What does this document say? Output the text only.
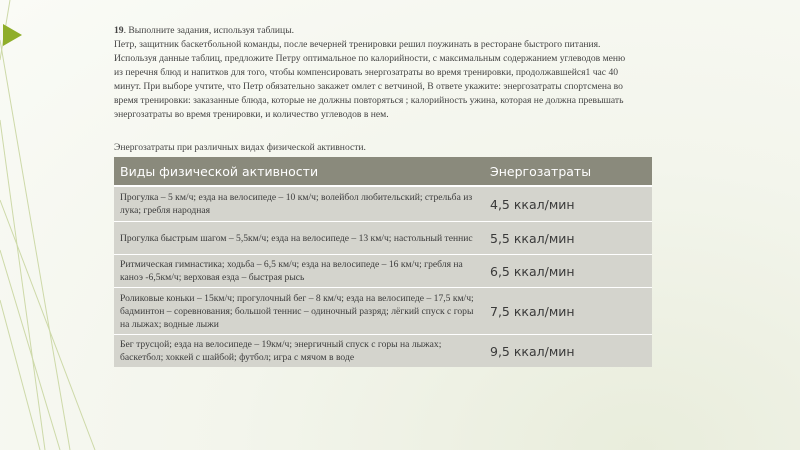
19. Выполните задания, используя таблицы.

Петр, защитник баскетбольной команды, после вечерней тренировки решил поужинать в ресторане быстрого питания.

Используя данные таблиц, предложите Петру оптимальное по калорийности, с максимальным содержанием углеводов меню

из перечня блюд и напитков для того, чтобы компенсировать энергозатраты во время тренировки, продолжавшейся1 час 40

минут. При выборе учтите, что Петр обязательно закажет омлет с ветчиной, В ответе укажите: энергозатраты спортсмена во

время тренировки: заказанные блюда, которые не должны повторяться ; калорийность ужина, которая не должна превышать

энергозатраты во время тренировки, и количество углеводов в нем.

Энергозатраты при различных видах физической активности.
Виды физической активности	Энергозатраты
Прогулка – 5 км/ч; езда на велосипеде – 10 км/ч; волейбол любительский; стрельба из лука; гребля народная	4,5 ккал/мин
Прогулка быстрым шагом – 5,5км/ч; езда на велосипеде – 13 км/ч; настольный теннис	5,5 ккал/мин
Ритмическая гимнастика; ходьба – 6,5 км/ч; езда на велосипеде – 16 км/ч; гребля на каноэ -6,5км/ч; верховая езда – быстрая рысь	6,5 ккал/мин
Роликовые коньки – 15км/ч; прогулочный бег – 8 км/ч; езда на велосипеде – 17,5 км/ч; бадминтон – соревнования; большой теннис – одиночный разряд; лёгкий спуск с горы на лыжах; водные лыжи	7,5 ккал/мин
Бег трусцой; езда на велосипеде – 19км/ч; энергичный спуск с горы на лыжах; баскетбол; хоккей с шайбой; футбол; игра с мячом в воде	9,5 ккал/мин
